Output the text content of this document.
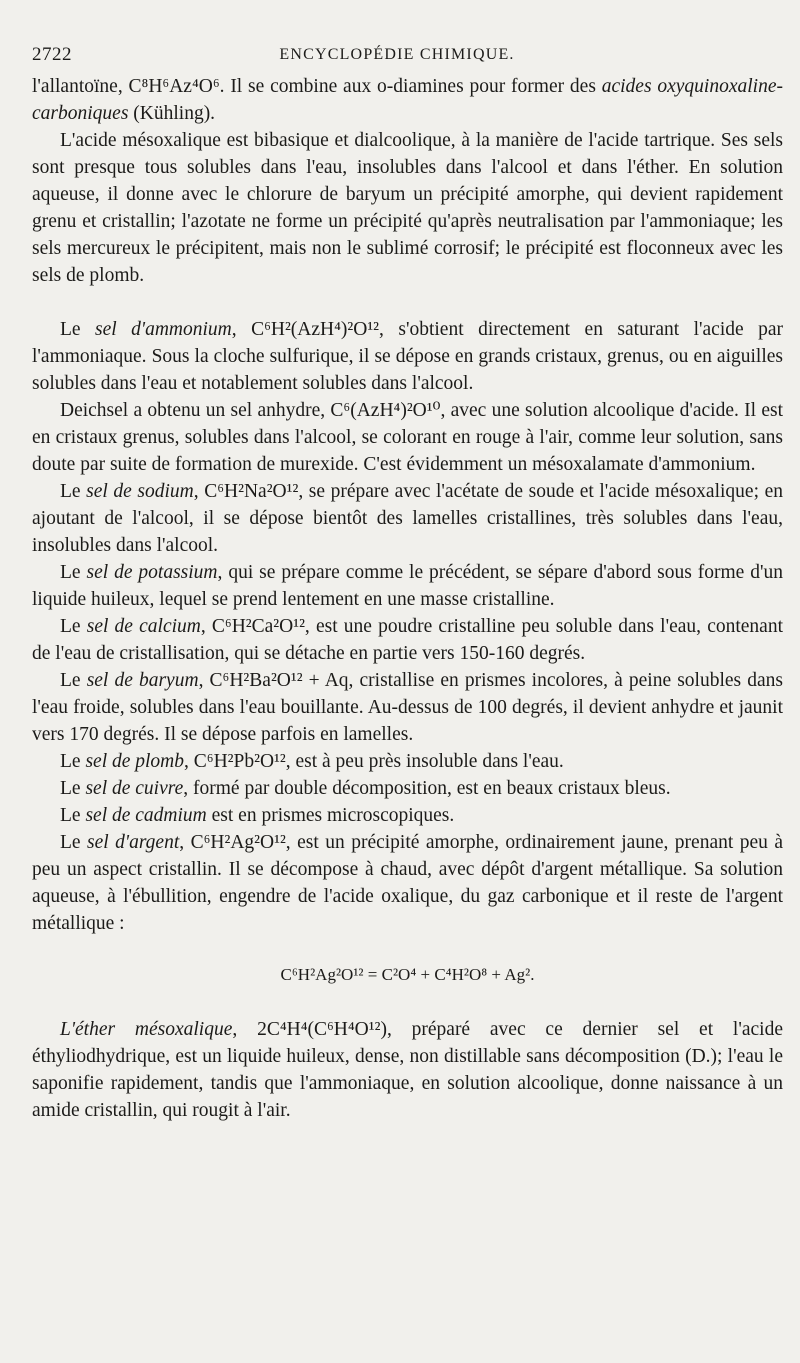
2722	ENCYCLOPÉDIE CHIMIQUE.

l'allantoïne, C⁸H⁶Az⁴O⁶. Il se combine aux o-diamines pour former des acides oxyquinoxaline-carboniques (Kühling).

L'acide mésoxalique est bibasique et dialcoolique, à la manière de l'acide tartrique. Ses sels sont presque tous solubles dans l'eau, insolubles dans l'alcool et dans l'éther. En solution aqueuse, il donne avec le chlorure de baryum un précipité amorphe, qui devient rapidement grenu et cristallin; l'azotate ne forme un précipité qu'après neutralisation par l'ammoniaque; les sels mercureux le précipitent, mais non le sublimé corrosif; le précipité est floconneux avec les sels de plomb.

Le sel d'ammonium, C⁶H²(AzH⁴)²O¹², s'obtient directement en saturant l'acide par l'ammoniaque. Sous la cloche sulfurique, il se dépose en grands cristaux, grenus, ou en aiguilles solubles dans l'eau et notablement solubles dans l'alcool.

Deichsel a obtenu un sel anhydre, C⁶(AzH⁴)²O¹⁰, avec une solution alcoolique d'acide. Il est en cristaux grenus, solubles dans l'alcool, se colorant en rouge à l'air, comme leur solution, sans doute par suite de formation de murexide. C'est évidemment un mésoxalamate d'ammonium.

Le sel de sodium, C⁶H²Na²O¹², se prépare avec l'acétate de soude et l'acide mésoxalique; en ajoutant de l'alcool, il se dépose bientôt des lamelles cristallines, très solubles dans l'eau, insolubles dans l'alcool.

Le sel de potassium, qui se prépare comme le précédent, se sépare d'abord sous forme d'un liquide huileux, lequel se prend lentement en une masse cristalline.

Le sel de calcium, C⁶H²Ca²O¹², est une poudre cristalline peu soluble dans l'eau, contenant de l'eau de cristallisation, qui se détache en partie vers 150-160 degrés.

Le sel de baryum, C⁶H²Ba²O¹² + Aq, cristallise en prismes incolores, à peine solubles dans l'eau froide, solubles dans l'eau bouillante. Au-dessus de 100 degrés, il devient anhydre et jaunit vers 170 degrés. Il se dépose parfois en lamelles.

Le sel de plomb, C⁶H²Pb²O¹², est à peu près insoluble dans l'eau.

Le sel de cuivre, formé par double décomposition, est en beaux cristaux bleus.

Le sel de cadmium est en prismes microscopiques.

Le sel d'argent, C⁶H²Ag²O¹², est un précipité amorphe, ordinairement jaune, prenant peu à peu un aspect cristallin. Il se décompose à chaud, avec dépôt d'argent métallique. Sa solution aqueuse, à l'ébullition, engendre de l'acide oxalique, du gaz carbonique et il reste de l'argent métallique :

C⁶H²Ag²O¹² = C²O⁴ + C⁴H²O⁸ + Ag².

L'éther mésoxalique, 2C⁴H⁴(C⁶H⁴O¹²), préparé avec ce dernier sel et l'acide éthyliodhydrique, est un liquide huileux, dense, non distillable sans décomposition (D.); l'eau le saponifie rapidement, tandis que l'ammoniaque, en solution alcoolique, donne naissance à un amide cristallin, qui rougit à l'air.
